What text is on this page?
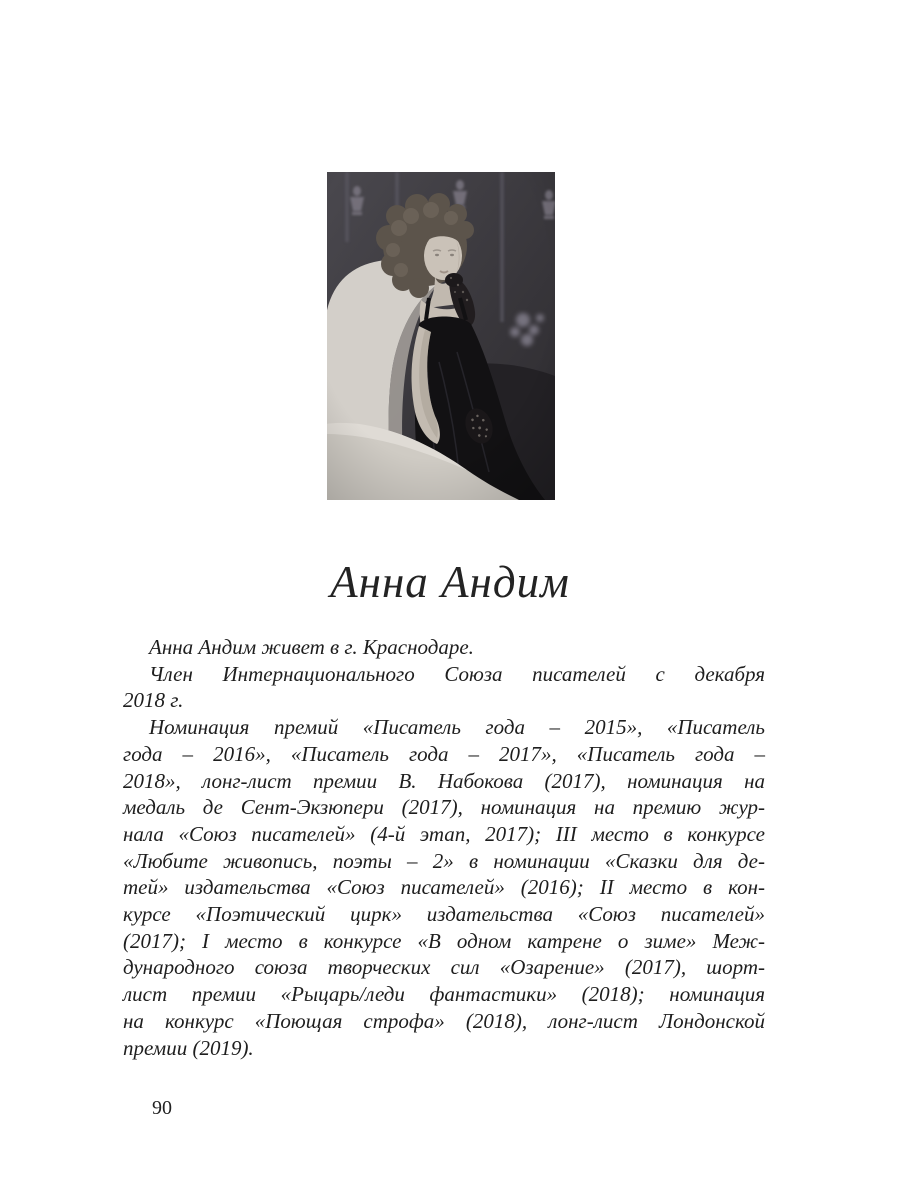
Анна Андим
Анна Андим живет в г. Краснодаре.
Член Интернационального Союза писателей с декабря
2018 г.
Номинация премий «Писатель года – 2015», «Писатель
года – 2016», «Писатель года – 2017», «Писатель года –
2018», лонг-лист премии В. Набокова (2017), номинация на
медаль де Сент-Экзюпери (2017), номинация на премию жур-
нала «Союз писателей» (4-й этап, 2017); III место в конкурсе
«Любите живопись, поэты – 2» в номинации «Сказки для де-
тей» издательства «Союз писателей» (2016); II место в кон-
курсе «Поэтический цирк» издательства «Союз писателей»
(2017); I место в конкурсе «В одном катрене о зиме» Меж-
дународного союза творческих сил «Озарение» (2017), шорт-
лист премии «Рыцарь/леди фантастики» (2018); номинация
на конкурс «Поющая строфа» (2018), лонг-лист Лондонской
премии (2019).
90
